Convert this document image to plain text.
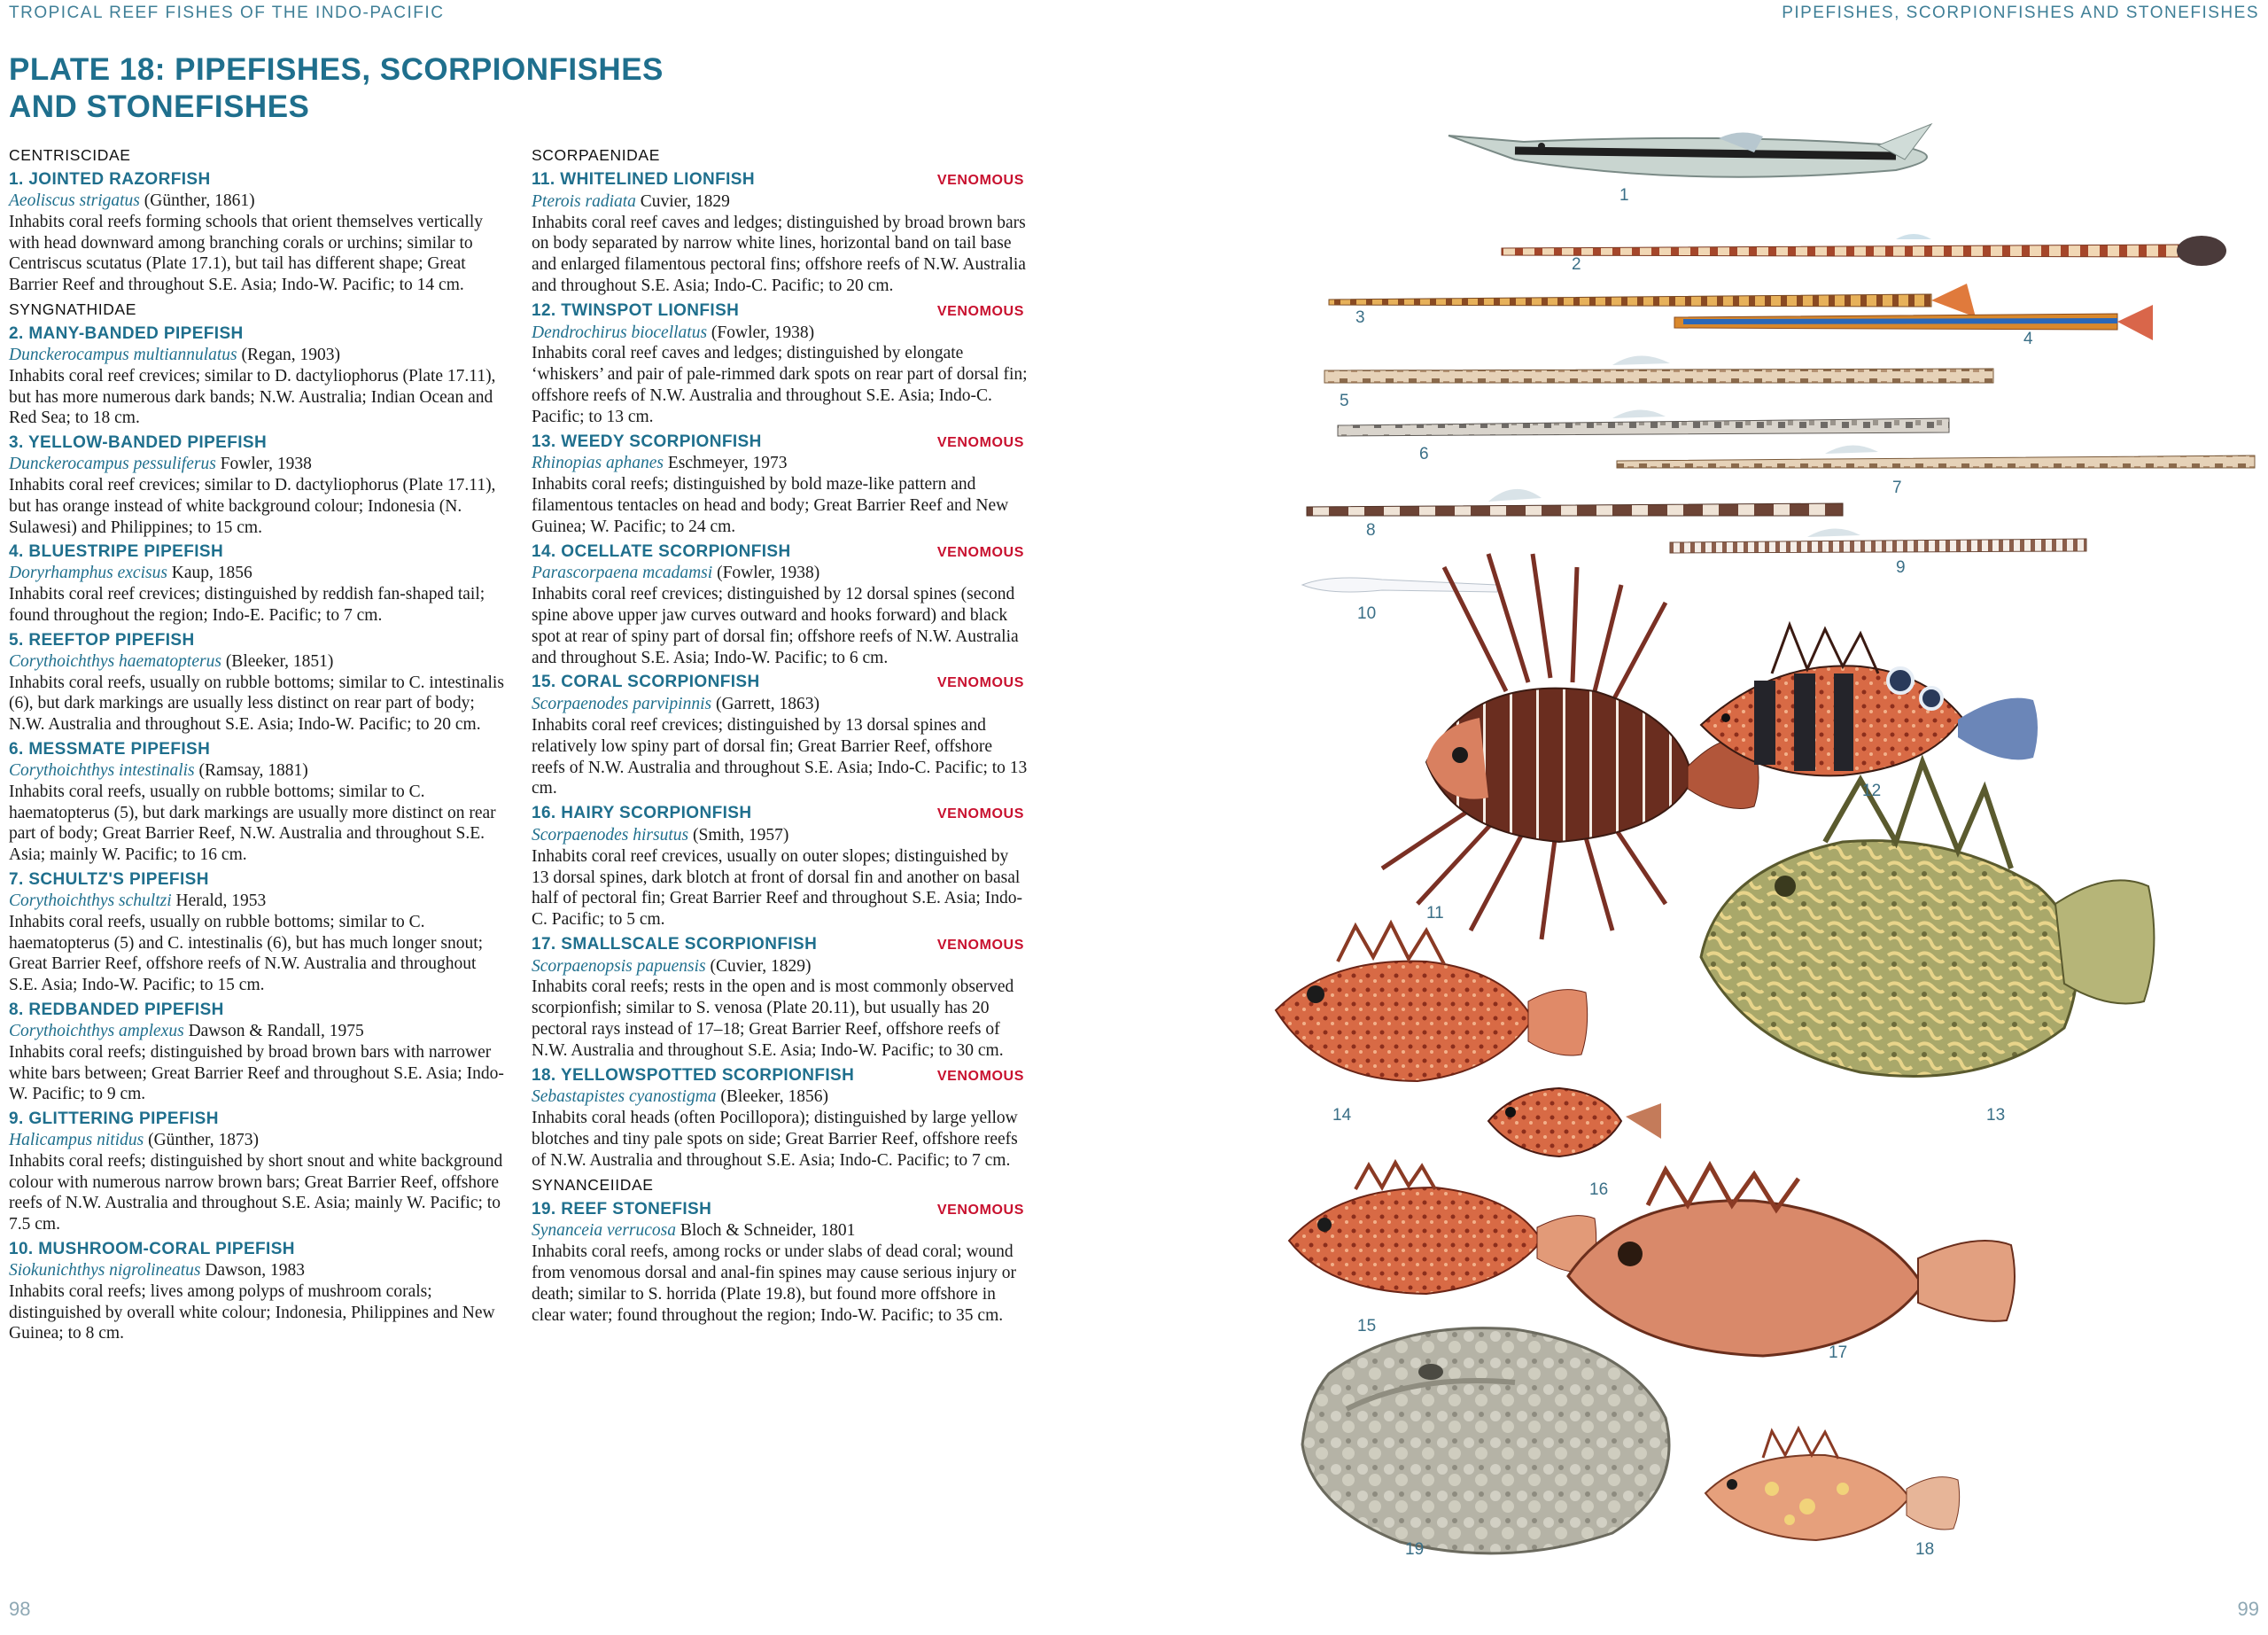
TROPICAL REEF FISHES OF THE INDO-PACIFIC	PIPEFISHES, SCORPIONFISHES AND STONEFISHES
PLATE 18: PIPEFISHES, SCORPIONFISHES AND STONEFISHES
CENTRISCIDAE
1. JOINTED RAZORFISH
Aeoliscus strigatus (Günther, 1861)
Inhabits coral reefs forming schools that orient themselves vertically with head downward among branching corals or urchins; similar to Centriscus scutatus (Plate 17.1), but tail has different shape; Great Barrier Reef and throughout S.E. Asia; Indo-W. Pacific; to 14 cm.
SYNGNATHIDAE
2. MANY-BANDED PIPEFISH
Dunckerocampus multiannulatus (Regan, 1903)
Inhabits coral reef crevices; similar to D. dactyliophorus (Plate 17.11), but has more numerous dark bands; N.W. Australia; Indian Ocean and Red Sea; to 18 cm.
3. YELLOW-BANDED PIPEFISH
Dunckerocampus pessuliferus Fowler, 1938
Inhabits coral reef crevices; similar to D. dactyliophorus (Plate 17.11), but has orange instead of white background colour; Indonesia (N. Sulawesi) and Philippines; to 15 cm.
4. BLUESTRIPE PIPEFISH
Doryrhamphus excisus Kaup, 1856
Inhabits coral reef crevices; distinguished by reddish fan-shaped tail; found throughout the region; Indo-E. Pacific; to 7 cm.
5. REEFTOP PIPEFISH
Corythoichthys haematopterus (Bleeker, 1851)
Inhabits coral reefs, usually on rubble bottoms; similar to C. intestinalis (6), but dark markings are usually less distinct on rear part of body; N.W. Australia and throughout S.E. Asia; Indo-W. Pacific; to 20 cm.
6. MESSMATE PIPEFISH
Corythoichthys intestinalis (Ramsay, 1881)
Inhabits coral reefs, usually on rubble bottoms; similar to C. haematopterus (5), but dark markings are usually more distinct on rear part of body; Great Barrier Reef, N.W. Australia and throughout S.E. Asia; mainly W. Pacific; to 16 cm.
7. SCHULTZ'S PIPEFISH
Corythoichthys schultzi Herald, 1953
Inhabits coral reefs, usually on rubble bottoms; similar to C. haematopterus (5) and C. intestinalis (6), but has much longer snout; Great Barrier Reef, offshore reefs of N.W. Australia and throughout S.E. Asia; Indo-W. Pacific; to 15 cm.
8. REDBANDED PIPEFISH
Corythoichthys amplexus Dawson & Randall, 1975
Inhabits coral reefs; distinguished by broad brown bars with narrower white bars between; Great Barrier Reef and throughout S.E. Asia; Indo-W. Pacific; to 9 cm.
9. GLITTERING PIPEFISH
Halicampus nitidus (Günther, 1873)
Inhabits coral reefs; distinguished by short snout and white background colour with numerous narrow brown bars; Great Barrier Reef, offshore reefs of N.W. Australia and throughout S.E. Asia; mainly W. Pacific; to 7.5 cm.
10. MUSHROOM-CORAL PIPEFISH
Siokunichthys nigrolineatus Dawson, 1983
Inhabits coral reefs; lives among polyps of mushroom corals; distinguished by overall white colour; Indonesia, Philippines and New Guinea; to 8 cm.
SCORPAENIDAE
11. WHITELINED LIONFISH	VENOMOUS
Pterois radiata Cuvier, 1829
Inhabits coral reef caves and ledges; distinguished by broad brown bars on body separated by narrow white lines, horizontal band on tail base and enlarged filamentous pectoral fins; offshore reefs of N.W. Australia and throughout S.E. Asia; Indo-C. Pacific; to 20 cm.
12. TWINSPOT LIONFISH	VENOMOUS
Dendrochirus biocellatus (Fowler, 1938)
Inhabits coral reef caves and ledges; distinguished by elongate ‘whiskers’ and pair of pale-rimmed dark spots on rear part of dorsal fin; offshore reefs of N.W. Australia and throughout S.E. Asia; Indo-C. Pacific; to 13 cm.
13. WEEDY SCORPIONFISH	VENOMOUS
Rhinopias aphanes Eschmeyer, 1973
Inhabits coral reefs; distinguished by bold maze-like pattern and filamentous tentacles on head and body; Great Barrier Reef and New Guinea; W. Pacific; to 24 cm.
14. OCELLATE SCORPIONFISH	VENOMOUS
Parascorpaena mcadamsi (Fowler, 1938)
Inhabits coral reef crevices; distinguished by 12 dorsal spines (second spine above upper jaw curves outward and hooks forward) and black spot at rear of spiny part of dorsal fin; offshore reefs of N.W. Australia and throughout S.E. Asia; Indo-W. Pacific; to 6 cm.
15. CORAL SCORPIONFISH	VENOMOUS
Scorpaenodes parvipinnis (Garrett, 1863)
Inhabits coral reef crevices; distinguished by 13 dorsal spines and relatively low spiny part of dorsal fin; Great Barrier Reef, offshore reefs of N.W. Australia and throughout S.E. Asia; Indo-C. Pacific; to 13 cm.
16. HAIRY SCORPIONFISH	VENOMOUS
Scorpaenodes hirsutus (Smith, 1957)
Inhabits coral reef crevices, usually on outer slopes; distinguished by 13 dorsal spines, dark blotch at front of dorsal fin and another on basal half of pectoral fin; Great Barrier Reef and throughout S.E. Asia; Indo-C. Pacific; to 5 cm.
17. SMALLSCALE SCORPIONFISH	VENOMOUS
Scorpaenopsis papuensis (Cuvier, 1829)
Inhabits coral reefs; rests in the open and is most commonly observed scorpionfish; similar to S. venosa (Plate 20.11), but usually has 20 pectoral rays instead of 17–18; Great Barrier Reef, offshore reefs of N.W. Australia and throughout S.E. Asia; Indo-W. Pacific; to 30 cm.
18. YELLOWSPOTTED SCORPIONFISH	VENOMOUS
Sebastapistes cyanostigma (Bleeker, 1856)
Inhabits coral heads (often Pocillopora); distinguished by large yellow blotches and tiny pale spots on side; Great Barrier Reef, offshore reefs of N.W. Australia and throughout S.E. Asia; Indo-C. Pacific; to 7 cm.
SYNANCEIIDAE
19. REEF STONEFISH	VENOMOUS
Synanceia verrucosa Bloch & Schneider, 1801
Inhabits coral reefs, among rocks or under slabs of dead coral; wound from venomous dorsal and anal-fin spines may cause serious injury or death; similar to S. horrida (Plate 19.8), but found more offshore in clear water; found throughout the region; Indo-W. Pacific; to 35 cm.
1
2
3
4
5
6
7
8
9
10
11
12
13
14
15
16
17
18
19
98	99
